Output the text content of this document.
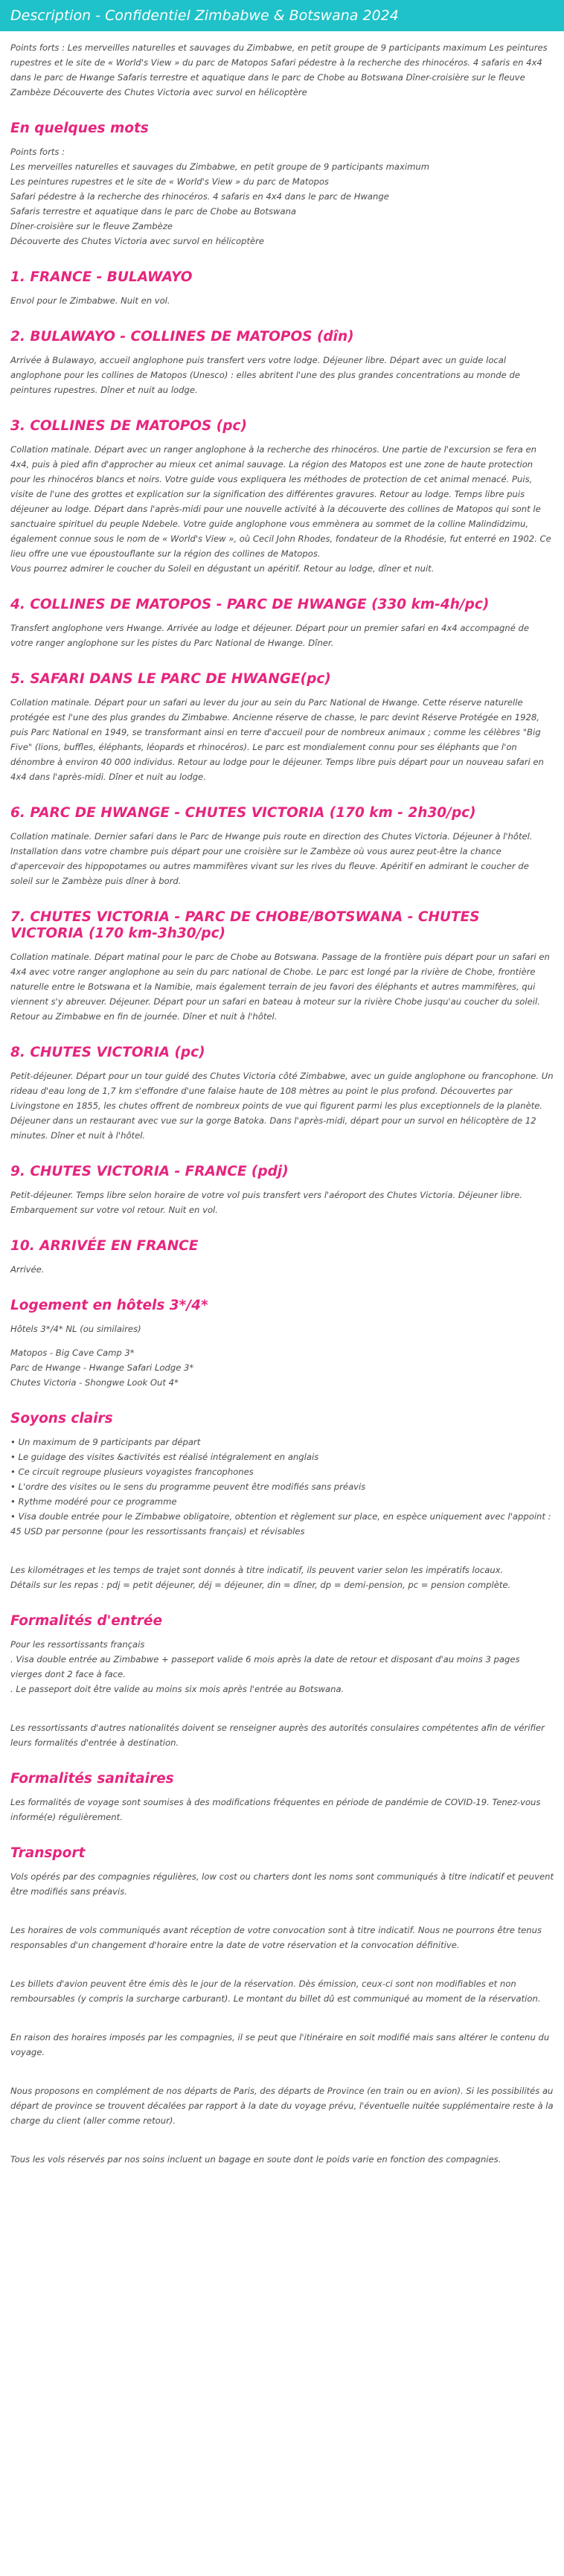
Description - Confidentiel Zimbabwe & Botswana 2024

Points forts : Les merveilles naturelles et sauvages du Zimbabwe, en petit groupe de 9 participants maximum Les peintures rupestres et le site de « World's View » du parc de Matopos Safari pédestre à la recherche des rhinocéros. 4 safaris en 4x4 dans le parc de Hwange Safaris terrestre et aquatique dans le parc de Chobe au Botswana Dîner-croisière sur le fleuve Zambèze Découverte des Chutes Victoria avec survol en hélicoptère

En quelques mots

Points forts :

Les merveilles naturelles et sauvages du Zimbabwe, en petit groupe de 9 participants maximum

Les peintures rupestres et le site de « World's View » du parc de Matopos

Safari pédestre à la recherche des rhinocéros. 4 safaris en 4x4 dans le parc de Hwange

Safaris terrestre et aquatique dans le parc de Chobe au Botswana

Dîner-croisière sur le fleuve Zambèze

Découverte des Chutes Victoria avec survol en hélicoptère

1. FRANCE - BULAWAYO

Envol pour le Zimbabwe. Nuit en vol.

2. BULAWAYO - COLLINES DE MATOPOS (dîn)

Arrivée à Bulawayo, accueil anglophone puis transfert vers votre lodge. Déjeuner libre. Départ avec un guide local anglophone pour les collines de Matopos (Unesco) : elles abritent l'une des plus grandes concentrations au monde de peintures rupestres. Dîner et nuit au lodge.

3. COLLINES DE MATOPOS (pc)

Collation matinale. Départ avec un ranger anglophone à la recherche des rhinocéros. Une partie de l'excursion se fera en 4x4, puis à pied afin d'approcher au mieux cet animal sauvage. La région des Matopos est une zone de haute protection pour les rhinocéros blancs et noirs. Votre guide vous expliquera les méthodes de protection de cet animal menacé. Puis, visite de l'une des grottes et explication sur la signification des différentes gravures. Retour au lodge. Temps libre puis déjeuner au lodge. Départ dans l'après-midi pour une nouvelle activité à la découverte des collines de Matopos qui sont le sanctuaire spirituel du peuple Ndebele. Votre guide anglophone vous emmènera au sommet de la colline Malindidzimu, également connue sous le nom de « World's View », où Cecil John Rhodes, fondateur de la Rhodésie, fut enterré en 1902. Ce lieu offre une vue époustouflante sur la région des collines de Matopos.

Vous pourrez admirer le coucher du Soleil en dégustant un apéritif. Retour au lodge, dîner et nuit.

4. COLLINES DE MATOPOS - PARC DE HWANGE (330 km-4h/pc)

Transfert anglophone vers Hwange. Arrivée au lodge et déjeuner. Départ pour un premier safari en 4x4 accompagné de votre ranger anglophone sur les pistes du Parc National de Hwange. Dîner.

5. SAFARI DANS LE PARC DE HWANGE(pc)

Collation matinale. Départ pour un safari au lever du jour au sein du Parc National de Hwange. Cette réserve naturelle protégée est l'une des plus grandes du Zimbabwe. Ancienne réserve de chasse, le parc devint Réserve Protégée en 1928, puis Parc National en 1949, se transformant ainsi en terre d'accueil pour de nombreux animaux ; comme les célèbres "Big Five" (lions, buffles, éléphants, léopards et rhinocéros). Le parc est mondialement connu pour ses éléphants que l'on dénombre à environ 40 000 individus. Retour au lodge pour le déjeuner. Temps libre puis départ pour un nouveau safari en 4x4 dans l'après-midi. Dîner et nuit au lodge.

6. PARC DE HWANGE - CHUTES VICTORIA (170 km - 2h30/pc)

Collation matinale. Dernier safari dans le Parc de Hwange puis route en direction des Chutes Victoria. Déjeuner à l'hôtel. Installation dans votre chambre puis départ pour une croisière sur le Zambèze où vous aurez peut-être la chance d'apercevoir des hippopotames ou autres mammifères vivant sur les rives du fleuve. Apéritif en admirant le coucher de soleil sur le Zambèze puis dîner à bord.

7. CHUTES VICTORIA - PARC DE CHOBE/BOTSWANA - CHUTES VICTORIA (170 km-3h30/pc)

Collation matinale. Départ matinal pour le parc de Chobe au Botswana. Passage de la frontière puis départ pour un safari en 4x4 avec votre ranger anglophone au sein du parc national de Chobe. Le parc est longé par la rivière de Chobe, frontière naturelle entre le Botswana et la Namibie, mais également terrain de jeu favori des éléphants et autres mammifères, qui viennent s'y abreuver. Déjeuner. Départ pour un safari en bateau à moteur sur la rivière Chobe jusqu'au coucher du soleil. Retour au Zimbabwe en fin de journée. Dîner et nuit à l'hôtel.

8. CHUTES VICTORIA (pc)

Petit-déjeuner. Départ pour un tour guidé des Chutes Victoria côté Zimbabwe, avec un guide anglophone ou francophone. Un rideau d'eau long de 1,7 km s'effondre d'une falaise haute de 108 mètres au point le plus profond. Découvertes par Livingstone en 1855, les chutes offrent de nombreux points de vue qui figurent parmi les plus exceptionnels de la planète. Déjeuner dans un restaurant avec vue sur la gorge Batoka. Dans l'après-midi, départ pour un survol en hélicoptère de 12 minutes. Dîner et nuit à l'hôtel.

9. CHUTES VICTORIA - FRANCE (pdj)

Petit-déjeuner. Temps libre selon horaire de votre vol puis transfert vers l'aéroport des Chutes Victoria. Déjeuner libre. Embarquement sur votre vol retour. Nuit en vol.

10. ARRIVÉE EN FRANCE

Arrivée.

Logement en hôtels 3*/4*

Hôtels 3*/4* NL (ou similaires)

Matopos - Big Cave Camp 3*

Parc de Hwange - Hwange Safari Lodge 3*

Chutes Victoria - Shongwe Look Out 4*

Soyons clairs

• Un maximum de 9 participants par départ

• Le guidage des visites &activités est réalisé intégralement en anglais

• Ce circuit regroupe plusieurs voyagistes francophones

• L'ordre des visites ou le sens du programme peuvent être modifiés sans préavis

• Rythme modéré pour ce programme

• Visa double entrée pour le Zimbabwe obligatoire, obtention et règlement sur place, en espèce uniquement avec l'appoint : 45 USD par personne (pour les ressortissants français) et révisables

Les kilométrages et les temps de trajet sont donnés à titre indicatif, ils peuvent varier selon les impératifs locaux.

Détails sur les repas : pdj = petit déjeuner, déj = déjeuner, din = dîner, dp = demi-pension, pc = pension complète.

Formalités d'entrée

Pour les ressortissants français

. Visa double entrée au Zimbabwe + passeport valide 6 mois après la date de retour et disposant d'au moins 3 pages vierges dont 2 face à face.

. Le passeport doit être valide au moins six mois après l'entrée au Botswana.

Les ressortissants d'autres nationalités doivent se renseigner auprès des autorités consulaires compétentes afin de vérifier leurs formalités d'entrée à destination.

Formalités sanitaires

Les formalités de voyage sont soumises à des modifications fréquentes en période de pandémie de COVID-19. Tenez-vous informé(e) régulièrement.

Transport

Vols opérés par des compagnies régulières, low cost ou charters dont les noms sont communiqués à titre indicatif et peuvent être modifiés sans préavis.

Les horaires de vols communiqués avant réception de votre convocation sont à titre indicatif. Nous ne pourrons être tenus responsables d'un changement d'horaire entre la date de votre réservation et la convocation définitive.

Les billets d'avion peuvent être émis dès le jour de la réservation. Dès émission, ceux-ci sont non modifiables et non remboursables (y compris la surcharge carburant). Le montant du billet dû est communiqué au moment de la réservation.

En raison des horaires imposés par les compagnies, il se peut que l'itinéraire en soit modifié mais sans altérer le contenu du voyage.

Nous proposons en complément de nos départs de Paris, des départs de Province (en train ou en avion). Si les possibilités au départ de province se trouvent décalées par rapport à la date du voyage prévu, l'éventuelle nuitée supplémentaire reste à la charge du client (aller comme retour).

Tous les vols réservés par nos soins incluent un bagage en soute dont le poids varie en fonction des compagnies.
